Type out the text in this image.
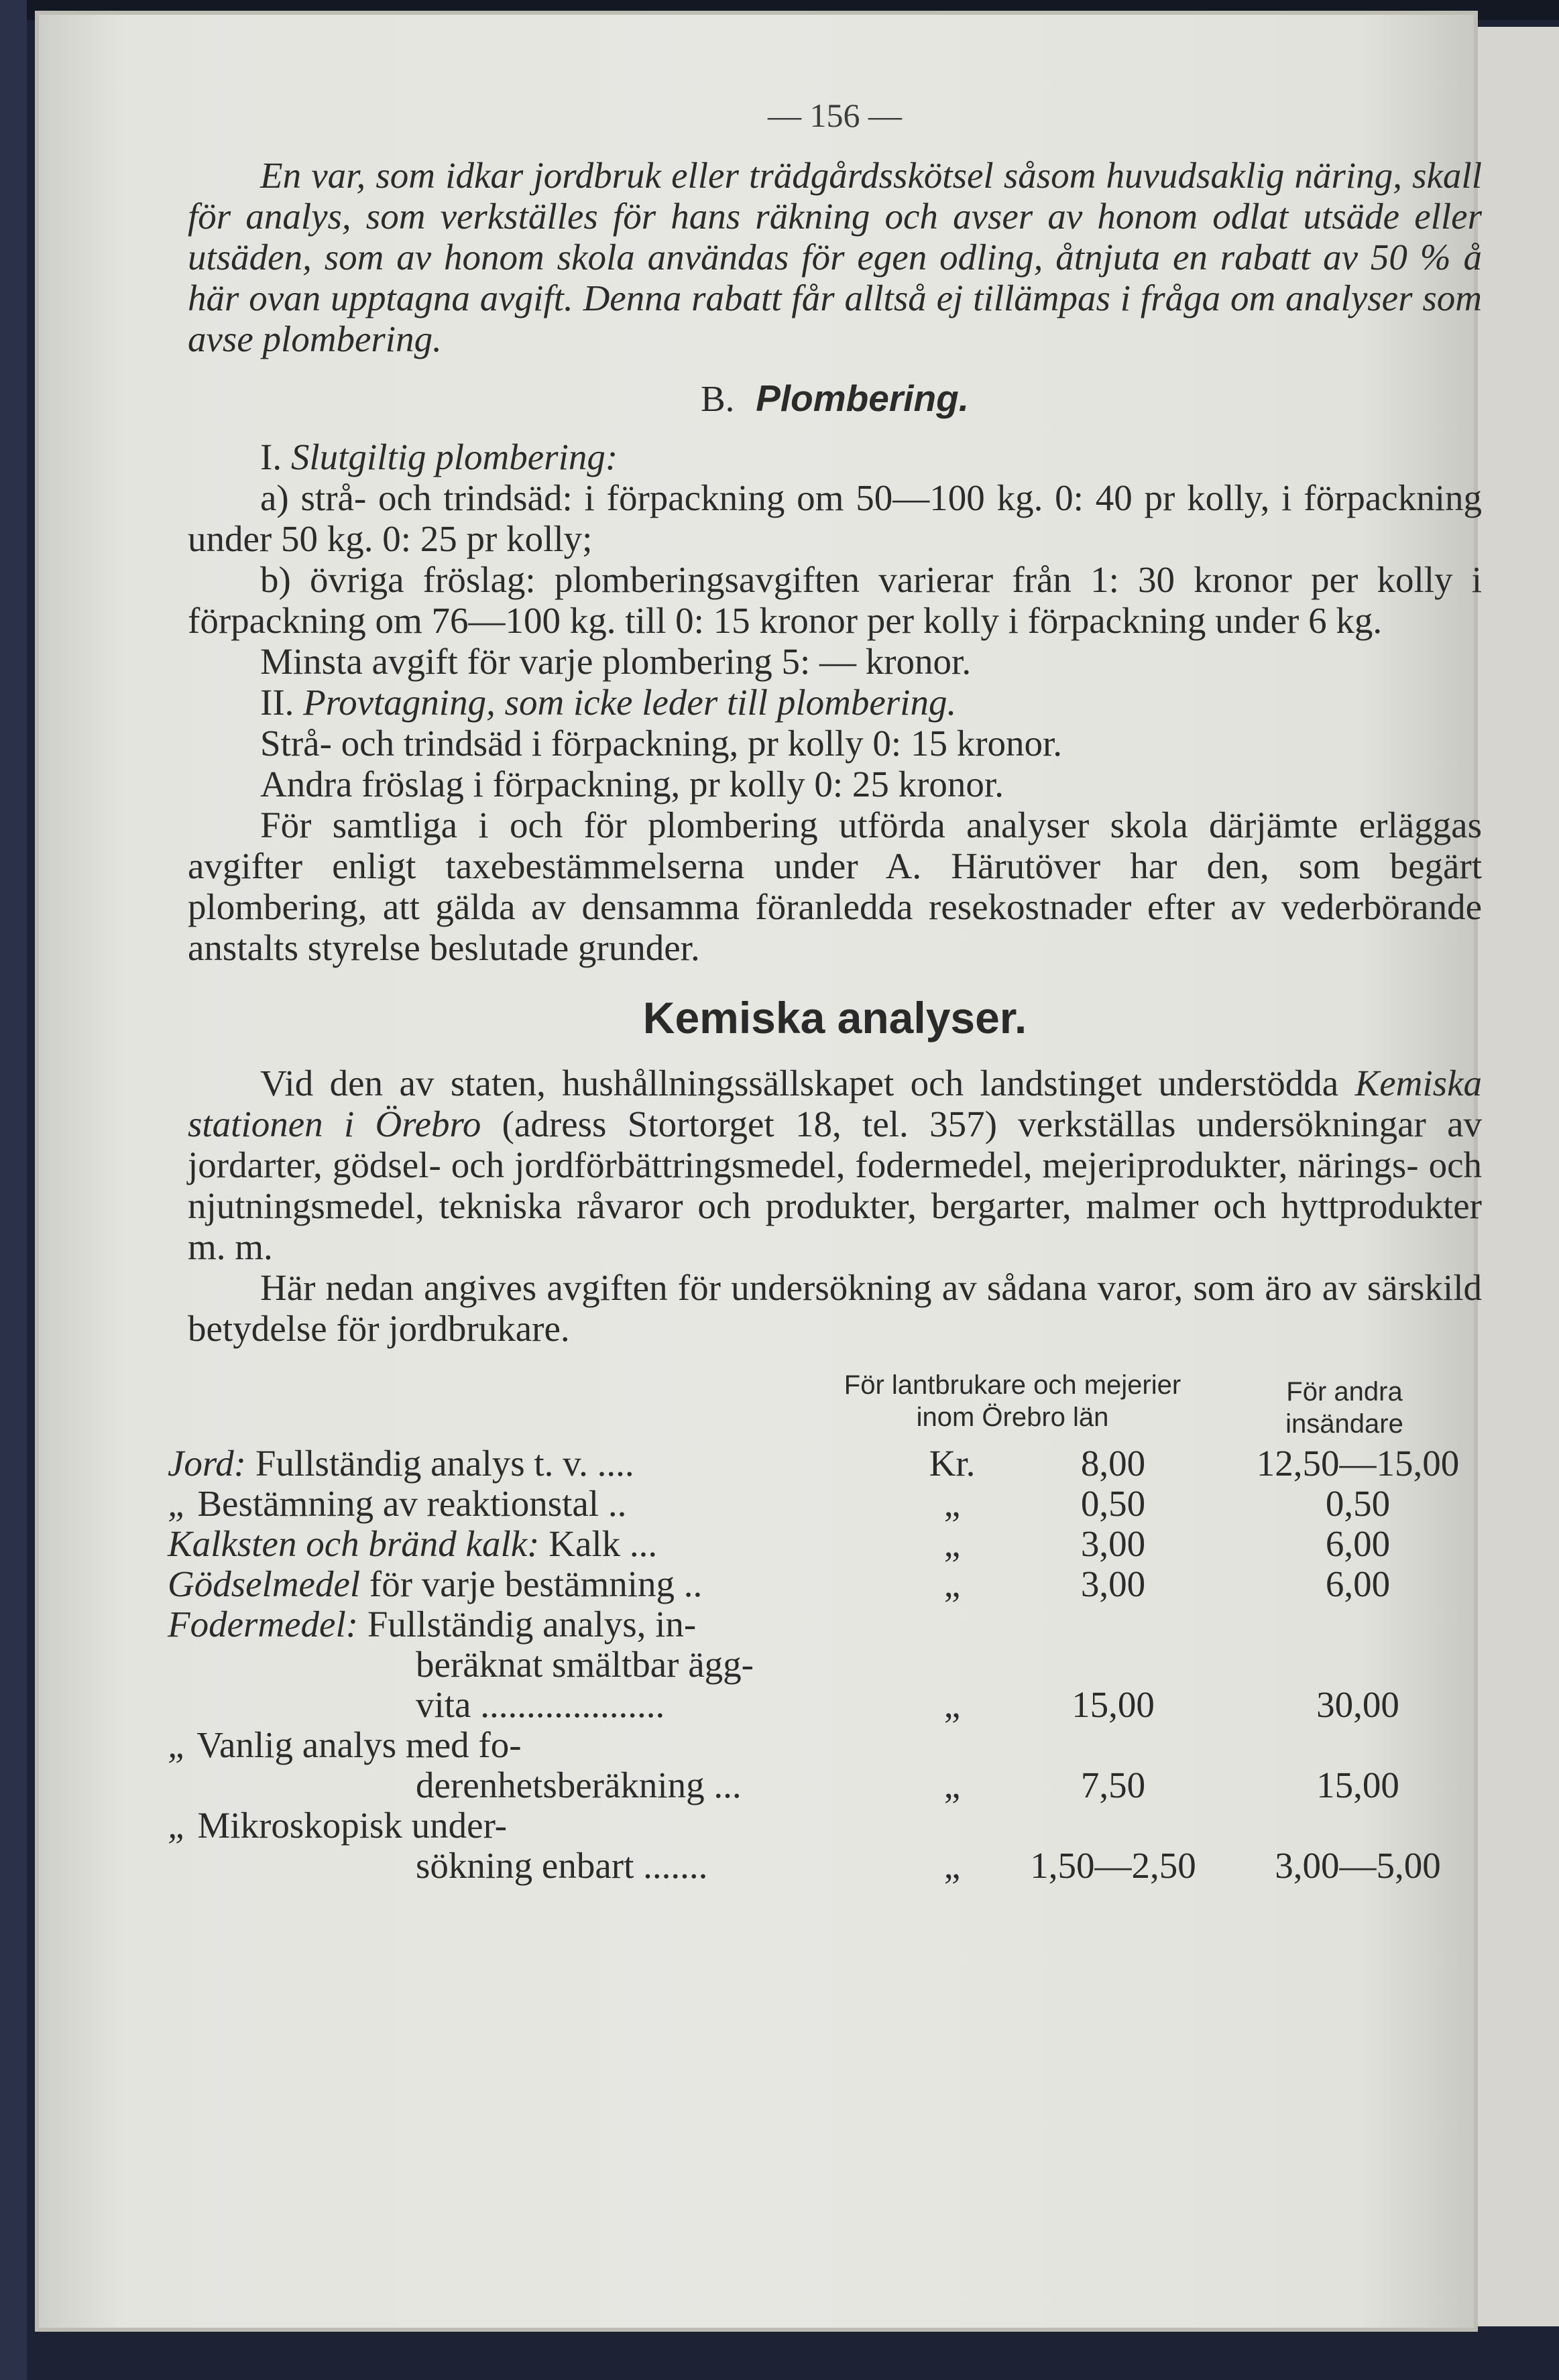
— 156 —

En var, som idkar jordbruk eller trädgårdsskötsel såsom huvudsaklig näring, skall för analys, som verkställes för hans räkning och avser av honom odlat utsäde eller utsäden, som av honom skola användas för egen odling, åtnjuta en rabatt av 50 % å här ovan upptagna avgift. Denna rabatt får alltså ej tillämpas i fråga om analyser som avse plombering.

B. Plombering.

I. Slutgiltig plombering:

a) strå- och trindsäd: i förpackning om 50—100 kg. 0: 40 pr kolly, i förpackning under 50 kg. 0: 25 pr kolly;

b) övriga fröslag: plomberingsavgiften varierar från 1: 30 kronor per kolly i förpackning om 76—100 kg. till 0: 15 kronor per kolly i förpackning under 6 kg.

Minsta avgift för varje plombering 5: — kronor.

II. Provtagning, som icke leder till plombering.

Strå- och trindsäd i förpackning, pr kolly 0: 15 kronor.

Andra fröslag i förpackning, pr kolly 0: 25 kronor.

För samtliga i och för plombering utförda analyser skola därjämte erläggas avgifter enligt taxebestämmelserna under A. Härutöver har den, som begärt plombering, att gälda av densamma föranledda resekostnader efter av vederbörande anstalts styrelse beslutade grunder.

Kemiska analyser.

Vid den av staten, hushållningssällskapet och landstinget understödda Kemiska stationen i Örebro (adress Stortorget 18, tel. 357) verkställas undersökningar av jordarter, gödsel- och jordförbättringsmedel, fodermedel, mejeriprodukter, närings- och njutningsmedel, tekniska råvaror och produkter, bergarter, malmer och hyttprodukter m. m.

Här nedan angives avgiften för undersökning av sådana varor, som äro av särskild betydelse för jordbrukare.

För lantbrukare och mejerier inom Örebro län
För andra insändare
Jord: Fullständig analys t. v. ....	Kr.	8,00	12,50—15,00
„ Bestämning av reaktionstal ..	„	0,50	0,50
Kalksten och bränd kalk: Kalk ...	„	3,00	6,00
Gödselmedel för varje bestämning ..	„	3,00	6,00
Fodermedel: Fullständig analys, in-
beräknat smältbar ägg-
vita ....................	„	15,00	30,00
„ Vanlig analys med fo-
derenhetsberäkning ...	„	7,50	15,00
„ Mikroskopisk under-
sökning enbart .......	„	1,50—2,50	3,00—5,00
